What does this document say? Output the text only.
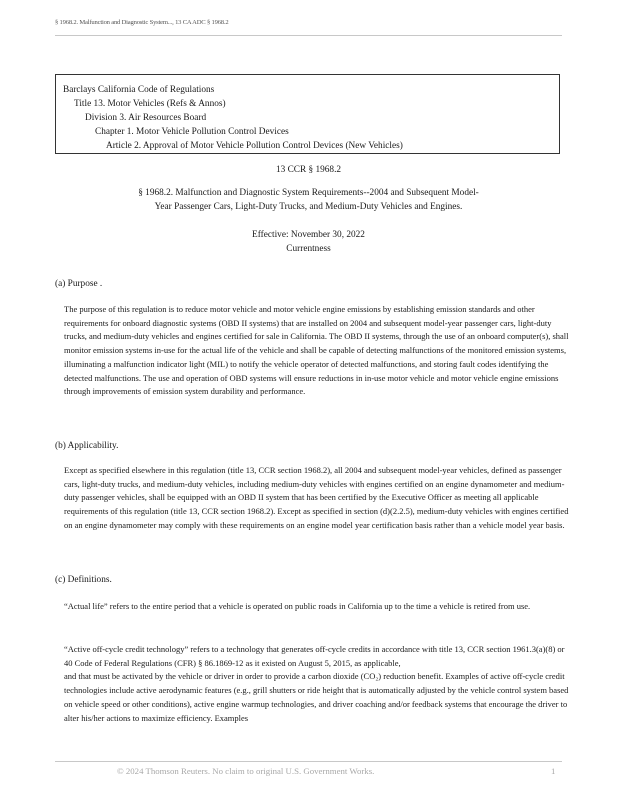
§ 1968.2. Malfunction and Diagnostic System..., 13 CA ADC § 1968.2
Barclays California Code of Regulations
Title 13. Motor Vehicles (Refs & Annos)
Division 3. Air Resources Board
Chapter 1. Motor Vehicle Pollution Control Devices
Article 2. Approval of Motor Vehicle Pollution Control Devices (New Vehicles)
13 CCR § 1968.2
§ 1968.2. Malfunction and Diagnostic System Requirements--2004 and Subsequent Model-
Year Passenger Cars, Light-Duty Trucks, and Medium-Duty Vehicles and Engines.
Effective: November 30, 2022
Currentness
(a) Purpose .

The purpose of this regulation is to reduce motor vehicle and motor vehicle engine emissions by establishing emission standards and other requirements for onboard diagnostic systems (OBD II systems) that are installed on 2004 and subsequent model-year passenger cars, light-duty trucks, and medium-duty vehicles and engines certified for sale in California. The OBD II systems, through the use of an onboard computer(s), shall monitor emission systems in-use for the actual life of the vehicle and shall be capable of detecting malfunctions of the monitored emission systems, illuminating a malfunction indicator light (MIL) to notify the vehicle operator of detected malfunctions, and storing fault codes identifying the detected malfunctions. The use and operation of OBD systems will ensure reductions in in-use motor vehicle and motor vehicle engine emissions through improvements of emission system durability and performance.

(b) Applicability.

Except as specified elsewhere in this regulation (title 13, CCR section 1968.2), all 2004 and subsequent model-year vehicles, defined as passenger cars, light-duty trucks, and medium-duty vehicles, including medium-duty vehicles with engines certified on an engine dynamometer and medium-duty passenger vehicles, shall be equipped with an OBD II system that has been certified by the Executive Officer as meeting all applicable requirements of this regulation (title 13, CCR section 1968.2). Except as specified in section (d)(2.2.5), medium-duty vehicles with engines certified on an engine dynamometer may comply with these requirements on an engine model year certification basis rather than a vehicle model year basis.

(c) Definitions.

“Actual life” refers to the entire period that a vehicle is operated on public roads in California up to the time a vehicle is retired from use.

“Active off-cycle credit technology” refers to a technology that generates off-cycle credits in accordance with title 13, CCR section 1961.3(a)(8) or 40 Code of Federal Regulations (CFR) § 86.1869-12 as it existed on August 5, 2015, as applicable,

and that must be activated by the vehicle or driver in order to provide a carbon dioxide (CO₂) reduction benefit. Examples of active off-cycle credit technologies include active aerodynamic features (e.g., grill shutters or ride height that is automatically adjusted by the vehicle control system based on vehicle speed or other conditions), active engine warmup technologies, and driver coaching and/or feedback systems that encourage the driver to alter his/her actions to maximize efficiency. Examples

© 2024 Thomson Reuters. No claim to original U.S. Government Works.	1
